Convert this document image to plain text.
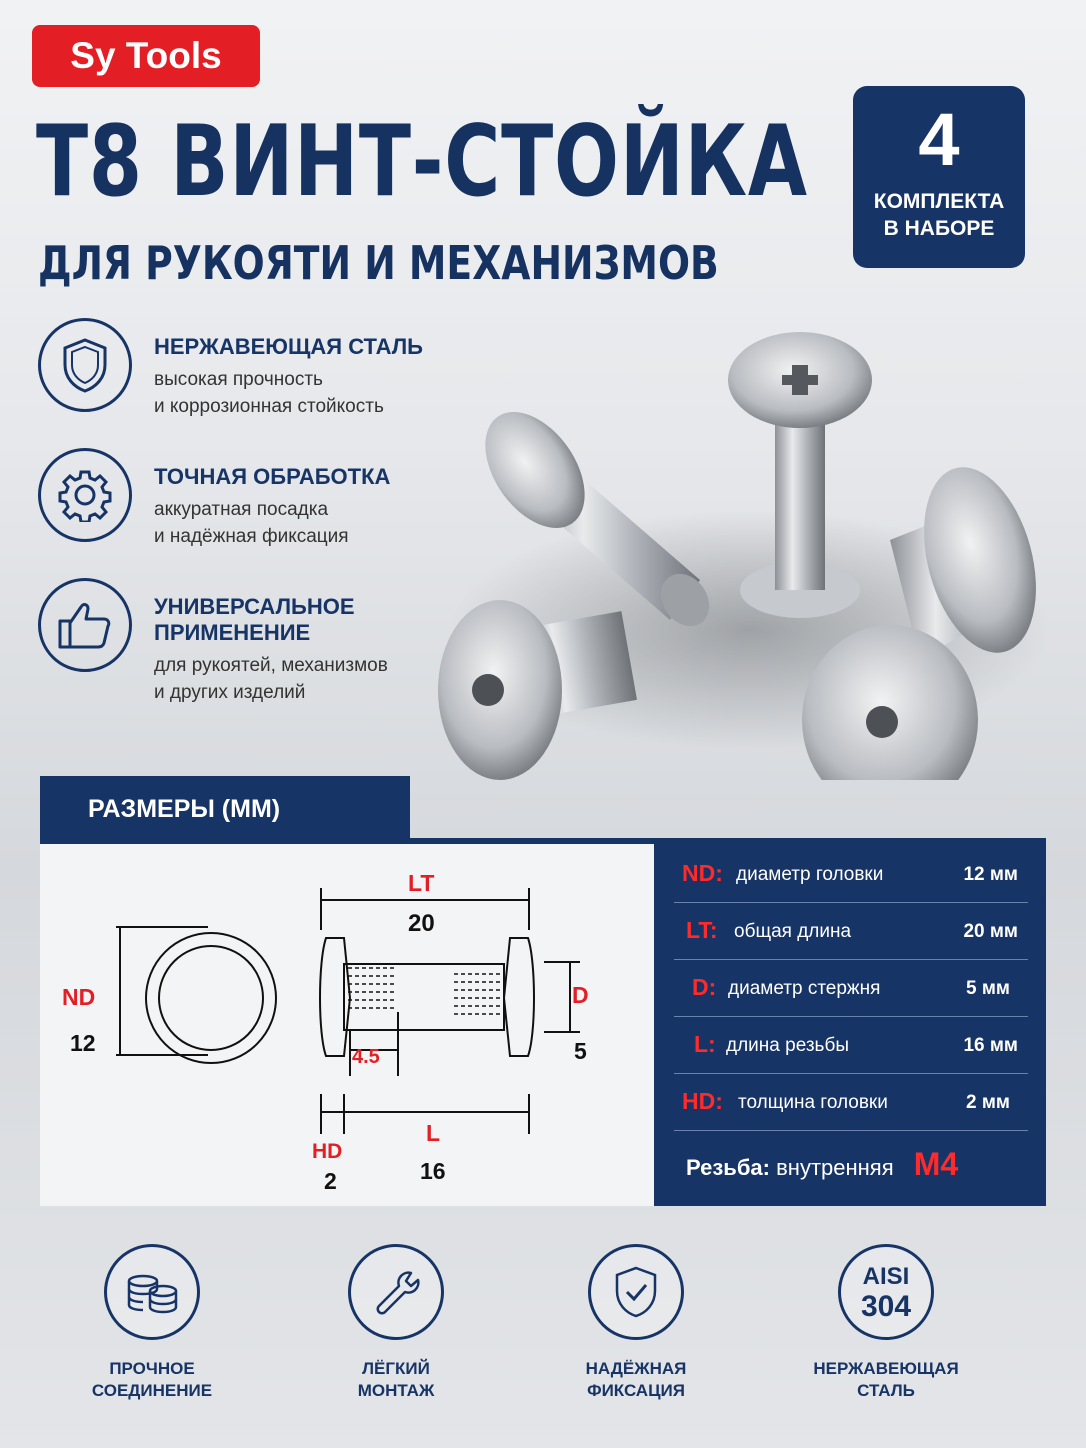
Sy Tools
Т8 ВИНТ-СТОЙКА
ДЛЯ РУКОЯТИ И МЕХАНИЗМОВ
4
КОМПЛЕКТА
В НАБОРЕ
НЕРЖАВЕЮЩАЯ СТАЛЬ
высокая прочность
и коррозионная стойкость
ТОЧНАЯ ОБРАБОТКА
аккуратная посадка
и надёжная фиксация
УНИВЕРСАЛЬНОЕ
ПРИМЕНЕНИЕ
для рукоятей, механизмов
и других изделий
РАЗМЕРЫ (ММ)
ND
12
LT
20
D
5
4.5
HD
2
L
16
ND: диаметр головки	12 мм
LT: общая длина	20 мм
D: диаметр стержня	5 мм
L: длина резьбы	16 мм
HD: толщина головки	2 мм
Резьба: внутренняя M4
ПРОЧНОЕ
СОЕДИНЕНИЕ
ЛЁГКИЙ
МОНТАЖ
НАДЁЖНАЯ
ФИКСАЦИЯ
AISI
304
НЕРЖАВЕЮЩАЯ
СТАЛЬ
